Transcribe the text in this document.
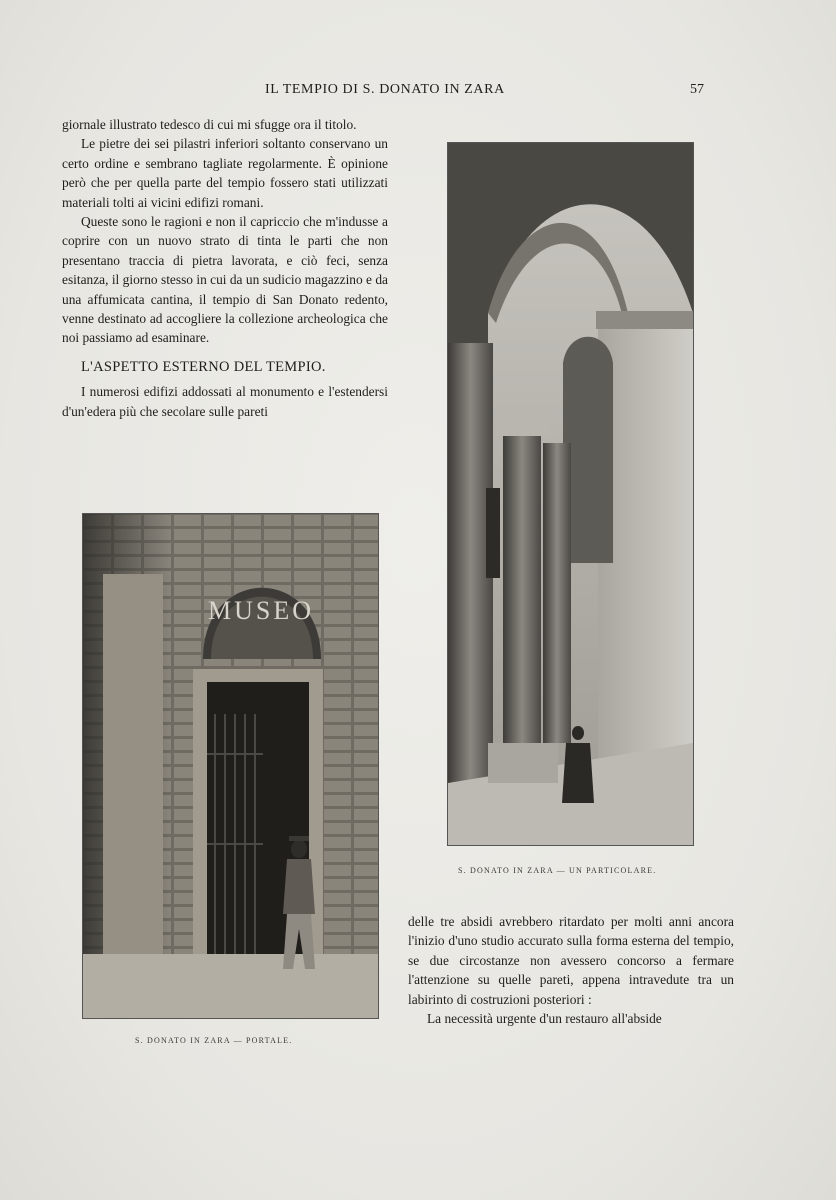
IL TEMPIO DI S. DONATO IN ZARA	57

giornale illustrato tedesco di cui mi sfugge ora il titolo.

Le pietre dei sei pilastri inferiori soltanto conservano un certo ordine e sembrano tagliate regolarmente. È opinione però che per quella parte del tempio fossero stati utilizzati materiali tolti ai vicini edifizi romani.

Queste sono le ragioni e non il capriccio che m'indusse a coprire con un nuovo strato di tinta le parti che non presentano traccia di pietra lavorata, e ciò feci, senza esitanza, il giorno stesso in cui da un sudicio magazzino e da una affumicata cantina, il tempio di San Donato redento, venne destinato ad accogliere la collezione archeologica che noi passiamo ad esaminare.

L'ASPETTO ESTERNO DEL TEMPIO.

I numerosi edifizi addossati al monumento e l'estendersi d'un'edera più che secolare sulle pareti

S. DONATO IN ZARA — UN PARTICOLARE.
MUSEO
S. DONATO IN ZARA — PORTALE.

delle tre absidi avrebbero ritardato per molti anni ancora l'inizio d'uno studio accurato sulla forma esterna del tempio, se due circostanze non avessero concorso a fermare l'attenzione su quelle pareti, appena intravedute tra un labirinto di costruzioni posteriori :

La necessità urgente d'un restauro all'abside
